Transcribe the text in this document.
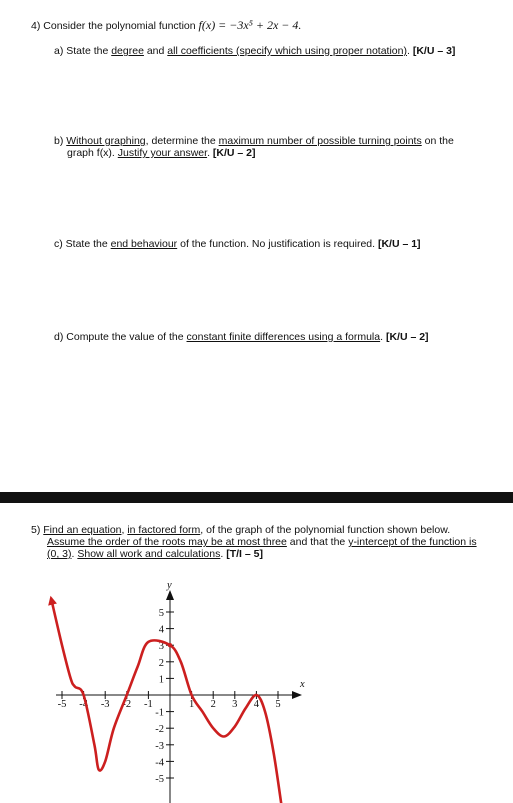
4) Consider the polynomial function f(x) = −3x⁵ + 2x − 4.
a) State the degree and all coefficients (specify which using proper notation). [K/U – 3]
b) Without graphing, determine the maximum number of possible turning points on the
graph f(x). Justify your answer. [K/U – 2]
c) State the end behaviour of the function. No justification is required. [K/U – 1]
d) Compute the value of the constant finite differences using a formula. [K/U – 2]
5) Find an equation, in factored form, of the graph of the polynomial function shown below.
Assume the order of the roots may be at most three and that the y-intercept of the function is
(0, 3). Show all work and calculations. [T/I – 5]
x
y
-5 -4 -3 -2 -1	1 2 3 4 5
5
4
3
2
1
-1
-2
-3
-4
-5
